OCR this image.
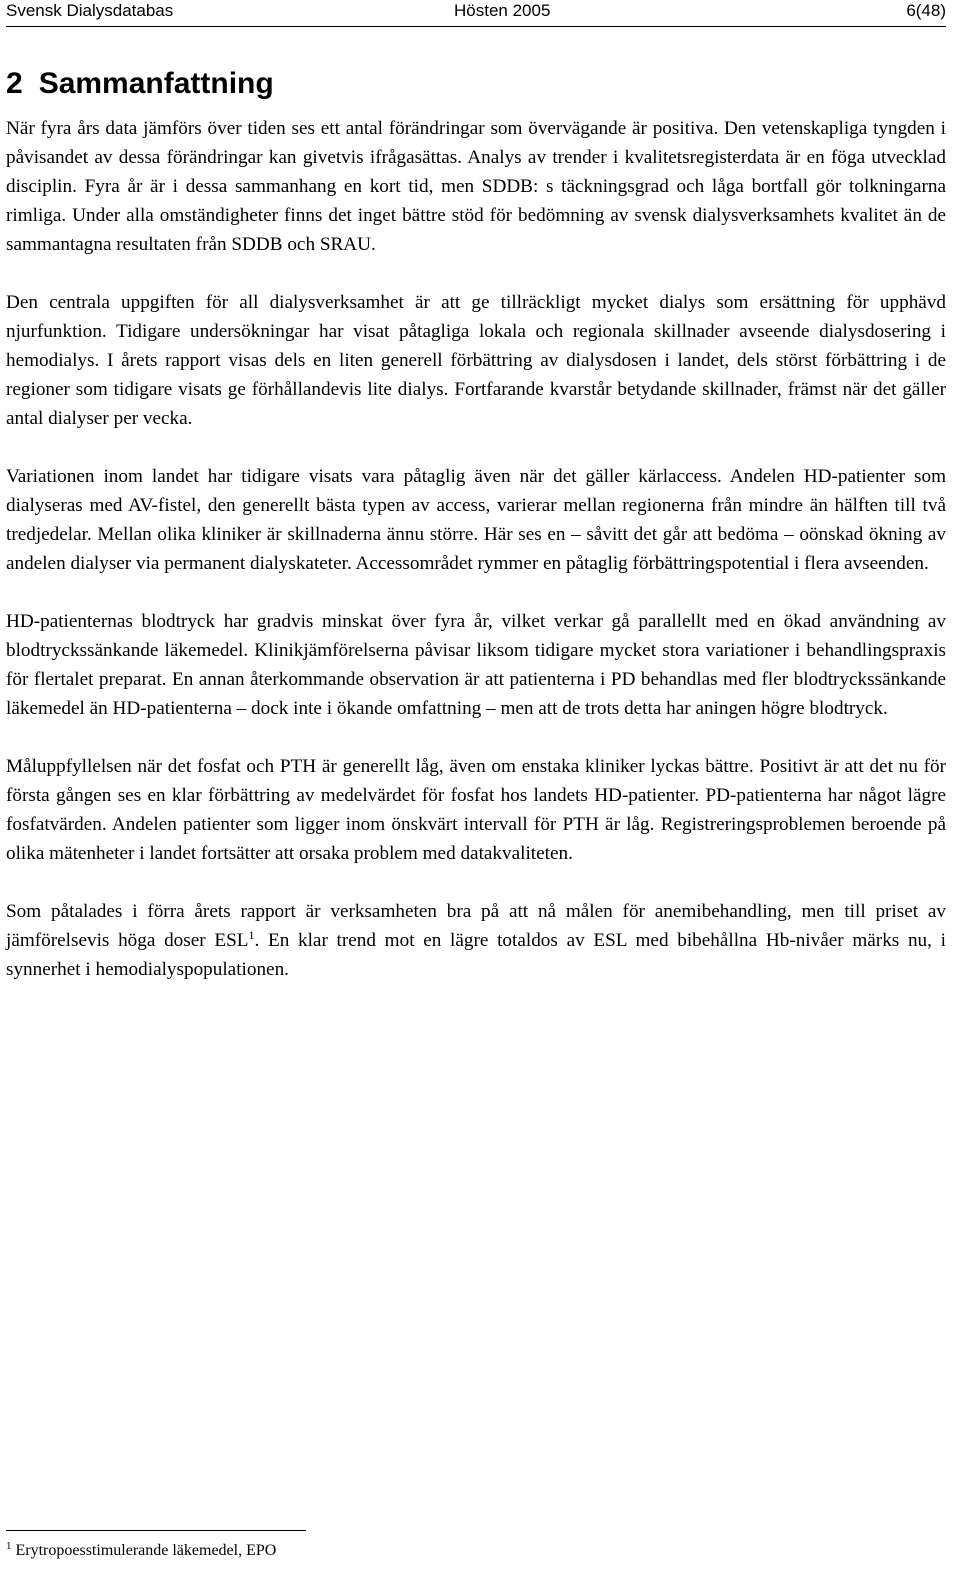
Svensk Dialysdatabas	Hösten 2005	6(48)
2 Sammanfattning

När fyra års data jämförs över tiden ses ett antal förändringar som övervägande är positiva. Den vetenskapliga tyngden i påvisandet av dessa förändringar kan givetvis ifrågasättas. Analys av trender i kvalitetsregisterdata är en föga utvecklad disciplin. Fyra år är i dessa sammanhang en kort tid, men SDDB: s täckningsgrad och låga bortfall gör tolkningarna rimliga. Under alla omständigheter finns det inget bättre stöd för bedömning av svensk dialysverksamhets kvalitet än de sammantagna resultaten från SDDB och SRAU.

Den centrala uppgiften för all dialysverksamhet är att ge tillräckligt mycket dialys som ersättning för upphävd njurfunktion. Tidigare undersökningar har visat påtagliga lokala och regionala skillnader avseende dialysdosering i hemodialys. I årets rapport visas dels en liten generell förbättring av dialysdosen i landet, dels störst förbättring i de regioner som tidigare visats ge förhållandevis lite dialys. Fortfarande kvarstår betydande skillnader, främst när det gäller antal dialyser per vecka.

Variationen inom landet har tidigare visats vara påtaglig även när det gäller kärlaccess. Andelen HD-patienter som dialyseras med AV-fistel, den generellt bästa typen av access, varierar mellan regionerna från mindre än hälften till två tredjedelar. Mellan olika kliniker är skillnaderna ännu större. Här ses en – såvitt det går att bedöma – oönskad ökning av andelen dialyser via permanent dialyskateter. Accessområdet rymmer en påtaglig förbättringspotential i flera avseenden.

HD-patienternas blodtryck har gradvis minskat över fyra år, vilket verkar gå parallellt med en ökad användning av blodtryckssänkande läkemedel. Klinikjämförelserna påvisar liksom tidigare mycket stora variationer i behandlingspraxis för flertalet preparat. En annan återkommande observation är att patienterna i PD behandlas med fler blodtryckssänkande läkemedel än HD-patienterna – dock inte i ökande omfattning – men att de trots detta har aningen högre blodtryck.

Måluppfyllelsen när det fosfat och PTH är generellt låg, även om enstaka kliniker lyckas bättre. Positivt är att det nu för första gången ses en klar förbättring av medelvärdet för fosfat hos landets HD-patienter. PD-patienterna har något lägre fosfatvärden. Andelen patienter som ligger inom önskvärt intervall för PTH är låg. Registreringsproblemen beroende på olika mätenheter i landet fortsätter att orsaka problem med datakvaliteten.

Som påtalades i förra årets rapport är verksamheten bra på att nå målen för anemibehandling, men till priset av jämförelsevis höga doser ESL$^1$. En klar trend mot en lägre totaldos av ESL med bibehållna Hb-nivåer märks nu, i synnerhet i hemodialyspopulationen.

$^1$ Erytropoesstimulerande läkemedel, EPO
